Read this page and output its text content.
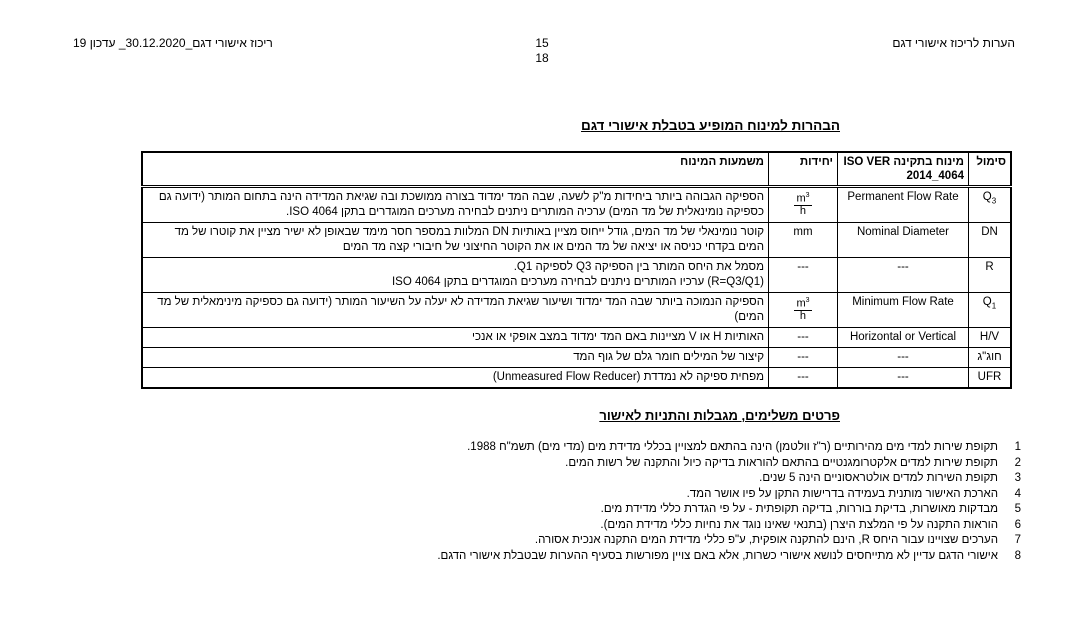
הערות לריכוז אישורי דגם
15
18
ריכוז אישורי דגם_30.12.2020_ עדכון 19
הבהרות למינוח המופיע בטבלת אישורי דגם
סימול	מינוח בתקינה ISO VER 2014_4064	יחידות	משמעות המינוח
$Q_3$	Permanent Flow Rate	$\frac{m^3}{h}$	הספיקה הגבוהה ביותר ביחידות מ"ק לשעה, שבה המד ימדוד בצורה ממושכת ובה שגיאת המדידה הינה בתחום המותר (ידועה גם כספיקה נומינאלית של מד המים) ערכיה המותרים ניתנים לבחירה מערכים המוגדרים בתקן ISO 4064.
DN	Nominal Diameter	mm	קוטר נומינאלי של מד המים, גודל ייחוס מציין באותיות DN המלוות במספר חסר מימד שבאופן לא ישיר מציין את קוטרו של מד המים בקדחי כניסה או יציאה של מד המים או את הקוטר החיצוני של חיבורי קצה מד המים
R	---	---	מסמל את היחס המותר בין הספיקה Q3 לספיקה Q1.
(R=Q3/Q1) ערכיו המותרים ניתנים לבחירה מערכים המוגדרים בתקן ISO 4064

$Q_1$	Minimum Flow Rate	$\frac{m^3}{h}$	הספיקה הנמוכה ביותר שבה המד ימדוד ושיעור שגיאת המדידה לא יעלה על השיעור המותר (ידועה גם כספיקה מינימאלית של מד המים)
H/V	Horizontal or Vertical	---	האותיות H או V מציינות באם המד ימדוד במצב אופקי או אנכי
חוג"ג	---	---	קיצור של המילים חומר גלם של גוף המד
UFR	---	---	מפחית ספיקה לא נמדדת (Unmeasured Flow Reducer)
פרטים משלימים, מגבלות והתניות לאישור
1
תקופת שירות למדי מים מהירותיים (ר"ז וולטמן) הינה בהתאם למצויין בכללי מדידת מים (מדי מים) תשמ"ח 1988.
2
תקופת שירות למדים אלקטרומגנטיים בהתאם להוראות בדיקה כיול והתקנה של רשות המים.
3
תקופת השירות למדים אולטראסוניים הינה 5 שנים.
4
הארכת האישור מותנית בעמידה בדרישות התקן על פיו אושר המד.
5
מבדקות מאושרות, בדיקת בוררות, בדיקה תקופתית - על פי הגדרת כללי מדידת מים.
6
הוראות התקנה על פי המלצת היצרן (בתנאי שאינו נוגד את נחיות כללי מדידת המים).
7
הערכים שצויינו עבור היחס R, הינם להתקנה אופקית, ע"פ כללי מדידת המים התקנה אנכית אסורה.
8
אישורי הדגם עדיין לא מתייחסים לנושא אישורי כשרות, אלא באם צויין מפורשות בסעיף ההערות שבטבלת אישורי הדגם.
